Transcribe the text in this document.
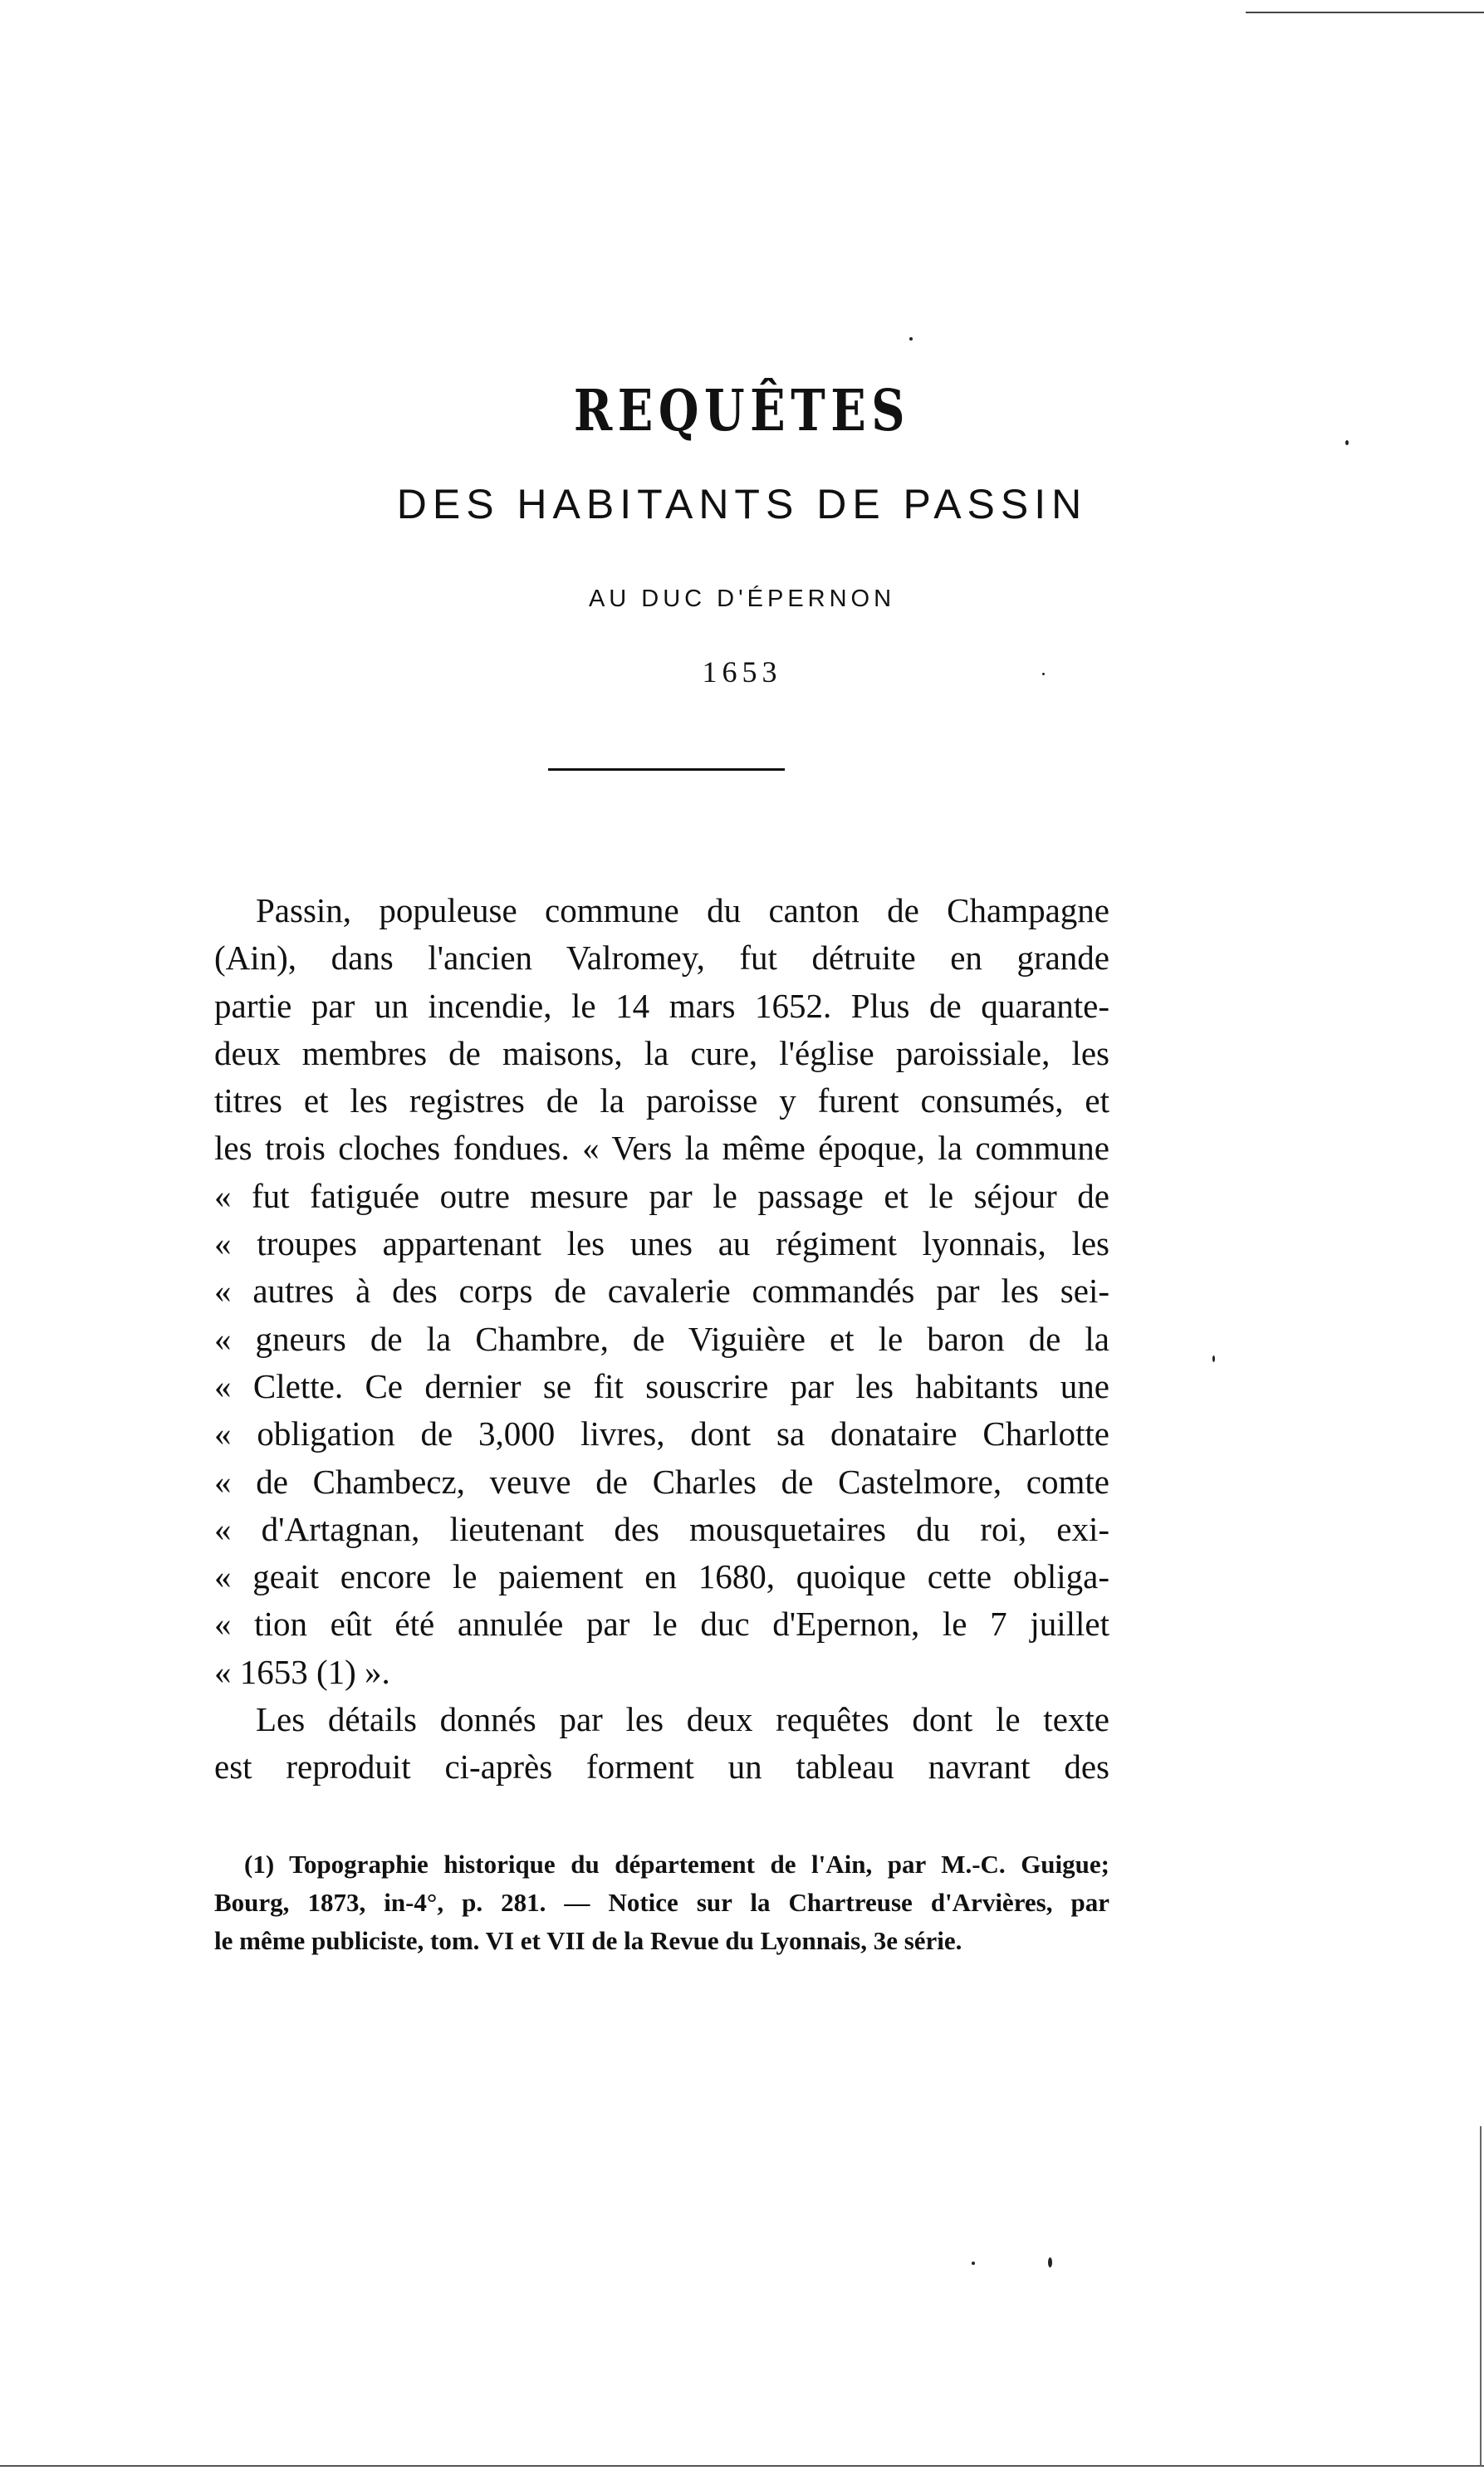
REQUÊTES
DES HABITANTS DE PASSIN
AU DUC D'ÉPERNON
1653
Passin, populeuse commune du canton de Champagne
(Ain), dans l'ancien Valromey, fut détruite en grande
partie par un incendie, le 14 mars 1652. Plus de quarante-
deux membres de maisons, la cure, l'église paroissiale, les
titres et les registres de la paroisse y furent consumés, et
les trois cloches fondues. « Vers la même époque, la commune
« fut fatiguée outre mesure par le passage et le séjour de
« troupes appartenant les unes au régiment lyonnais, les
« autres à des corps de cavalerie commandés par les sei-
« gneurs de la Chambre, de Viguière et le baron de la
« Clette. Ce dernier se fit souscrire par les habitants une
« obligation de 3,000 livres, dont sa donataire Charlotte
« de Chambecz, veuve de Charles de Castelmore, comte
« d'Artagnan, lieutenant des mousquetaires du roi, exi-
« geait encore le paiement en 1680, quoique cette obliga-
« tion eût été annulée par le duc d'Epernon, le 7 juillet
« 1653 (1) ».
Les détails donnés par les deux requêtes dont le texte
est reproduit ci-après forment un tableau navrant des
(1) Topographie historique du département de l'Ain, par M.-C. Guigue;
Bourg, 1873, in-4°, p. 281. — Notice sur la Chartreuse d'Arvières, par
le même publiciste, tom. VI et VII de la Revue du Lyonnais, 3e série.
